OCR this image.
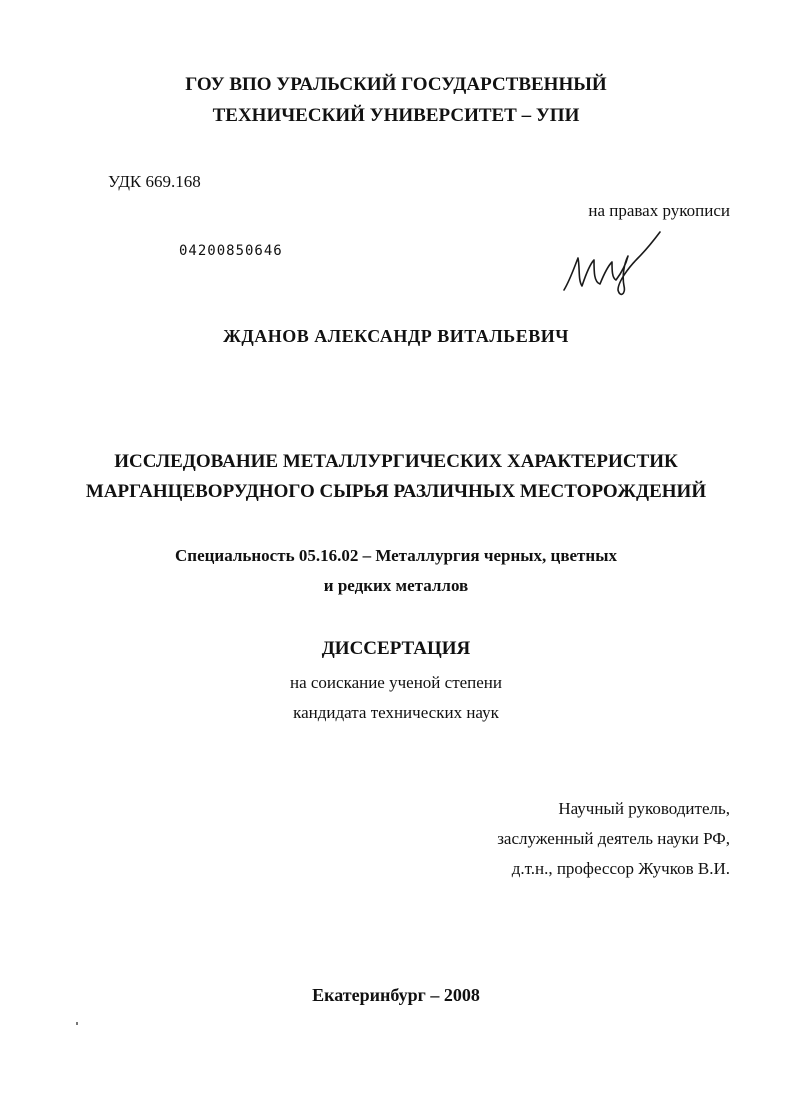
ГОУ ВПО УРАЛЬСКИЙ ГОСУДАРСТВЕННЫЙ
ТЕХНИЧЕСКИЙ УНИВЕРСИТЕТ – УПИ
УДК 669.168
на правах рукописи
04200850646
ЖДАНОВ АЛЕКСАНДР ВИТАЛЬЕВИЧ
ИССЛЕДОВАНИЕ МЕТАЛЛУРГИЧЕСКИХ ХАРАКТЕРИСТИК
МАРГАНЦЕВОРУДНОГО СЫРЬЯ РАЗЛИЧНЫХ МЕСТОРОЖДЕНИЙ
Специальность 05.16.02 – Металлургия черных, цветных
и редких металлов
ДИССЕРТАЦИЯ
на соискание ученой степени
кандидата технических наук
Научный руководитель,
заслуженный деятель науки РФ,
д.т.н., профессор Жучков В.И.
Екатеринбург – 2008
